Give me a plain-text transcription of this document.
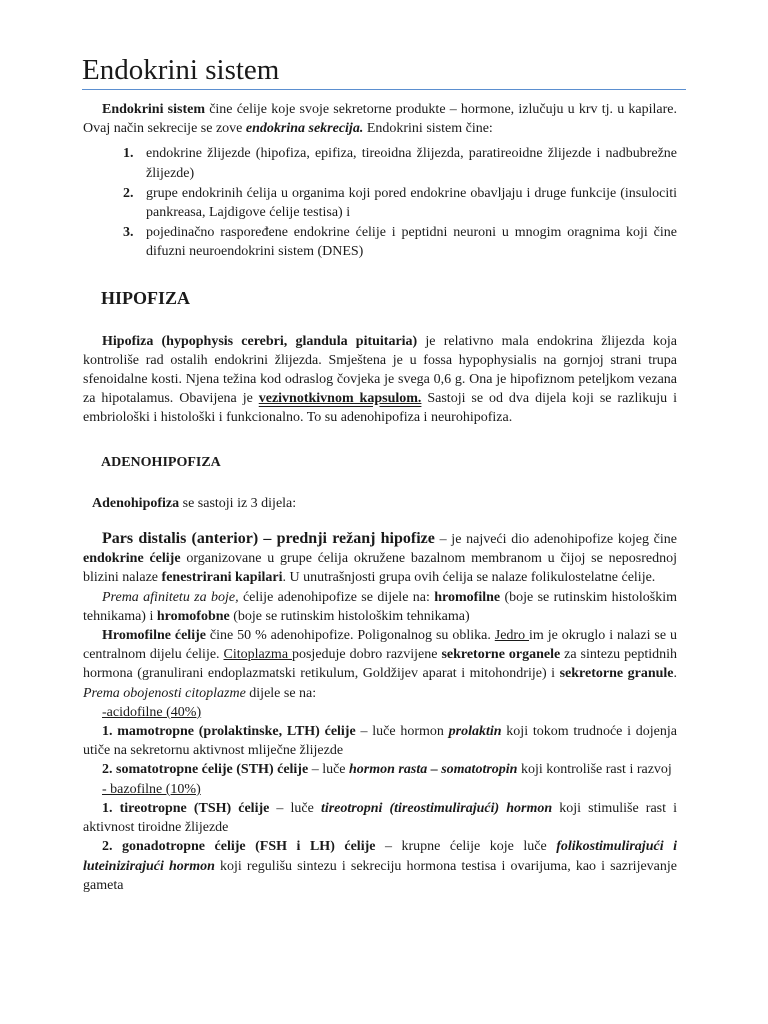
Endokrini sistem

Endokrini sistem čine ćelije koje svoje sekretorne produkte – hormone, izlučuju u krv tj. u kapilare. Ovaj način sekrecije se zove endokrina sekrecija. Endokrini sistem čine:

1. endokrine žlijezde (hipofiza, epifiza, tireoidna žlijezda, paratireoidne žlijezde i nadbubrežne žlijezde)
2. grupe endokrinih ćelija u organima koji pored endokrine obavljaju i druge funkcije (insulociti pankreasa, Lajdigove ćelije testisa) i
3. pojedinačno raspoređene endokrine ćelije i peptidni neuroni u mnogim oragnima koji čine difuzni neuroendokrini sistem (DNES)
HIPOFIZA

Hipofiza (hypophysis cerebri, glandula pituitaria) je relativno mala endokrina žlijezda koja kontroliše rad ostalih endokrini žlijezda. Smještena je u fossa hypophysialis na gornjoj strani trupa sfenoidalne kosti. Njena težina kod odraslog čovjeka je svega 0,6 g. Ona je hipofiznom peteljkom vezana za hipotalamus. Obavijena je vezivnotkivnom kapsulom. Sastoji se od dva dijela koji se razlikuju i embriološki i histološki i funkcionalno. To su adenohipofiza i neurohipofiza.

ADENOHIPOFIZA

Adenohipofiza se sastoji iz 3 dijela:

Pars distalis (anterior) – prednji režanj hipofize – je najveći dio adenohipofize kojeg čine endokrine ćelije organizovane u grupe ćelija okružene bazalnom membranom u čijoj se neposrednoj blizini nalaze fenestrirani kapilari. U unutrašnjosti grupa ovih ćelija se nalaze folikulostelatne ćelije.

Prema afinitetu za boje, ćelije adenohipofize se dijele na: hromofilne (boje se rutinskim histološkim tehnikama) i hromofobne (boje se rutinskim histološkim tehnikama)

Hromofilne ćelije čine 50 % adenohipofize. Poligonalnog su oblika. Jedro im je okruglo i nalazi se u centralnom dijelu ćelije. Citoplazma posjeduje dobro razvijene sekretorne organele za sintezu peptidnih hormona (granulirani endoplazmatski retikulum, Goldžijev aparat i mitohondrije) i sekretorne granule. Prema obojenosti citoplazme dijele se na:

-acidofilne (40%)

1. mamotropne (prolaktinske, LTH) ćelije – luče hormon prolaktin koji tokom trudnoće i dojenja utiče na sekretornu aktivnost mliječne žlijezde

2. somatotropne ćelije (STH) ćelije – luče hormon rasta – somatotropin koji kontroliše rast i razvoj

- bazofilne (10%)

1. tireotropne (TSH) ćelije – luče tireotropni (tireostimulirajući) hormon koji stimuliše rast i aktivnost tiroidne žlijezde

2. gonadotropne ćelije (FSH i LH) ćelije – krupne ćelije koje luče folikostimulirajući i luteinizirajući hormon koji regulišu sintezu i sekreciju hormona testisa i ovarijuma, kao i sazrijevanje gameta
